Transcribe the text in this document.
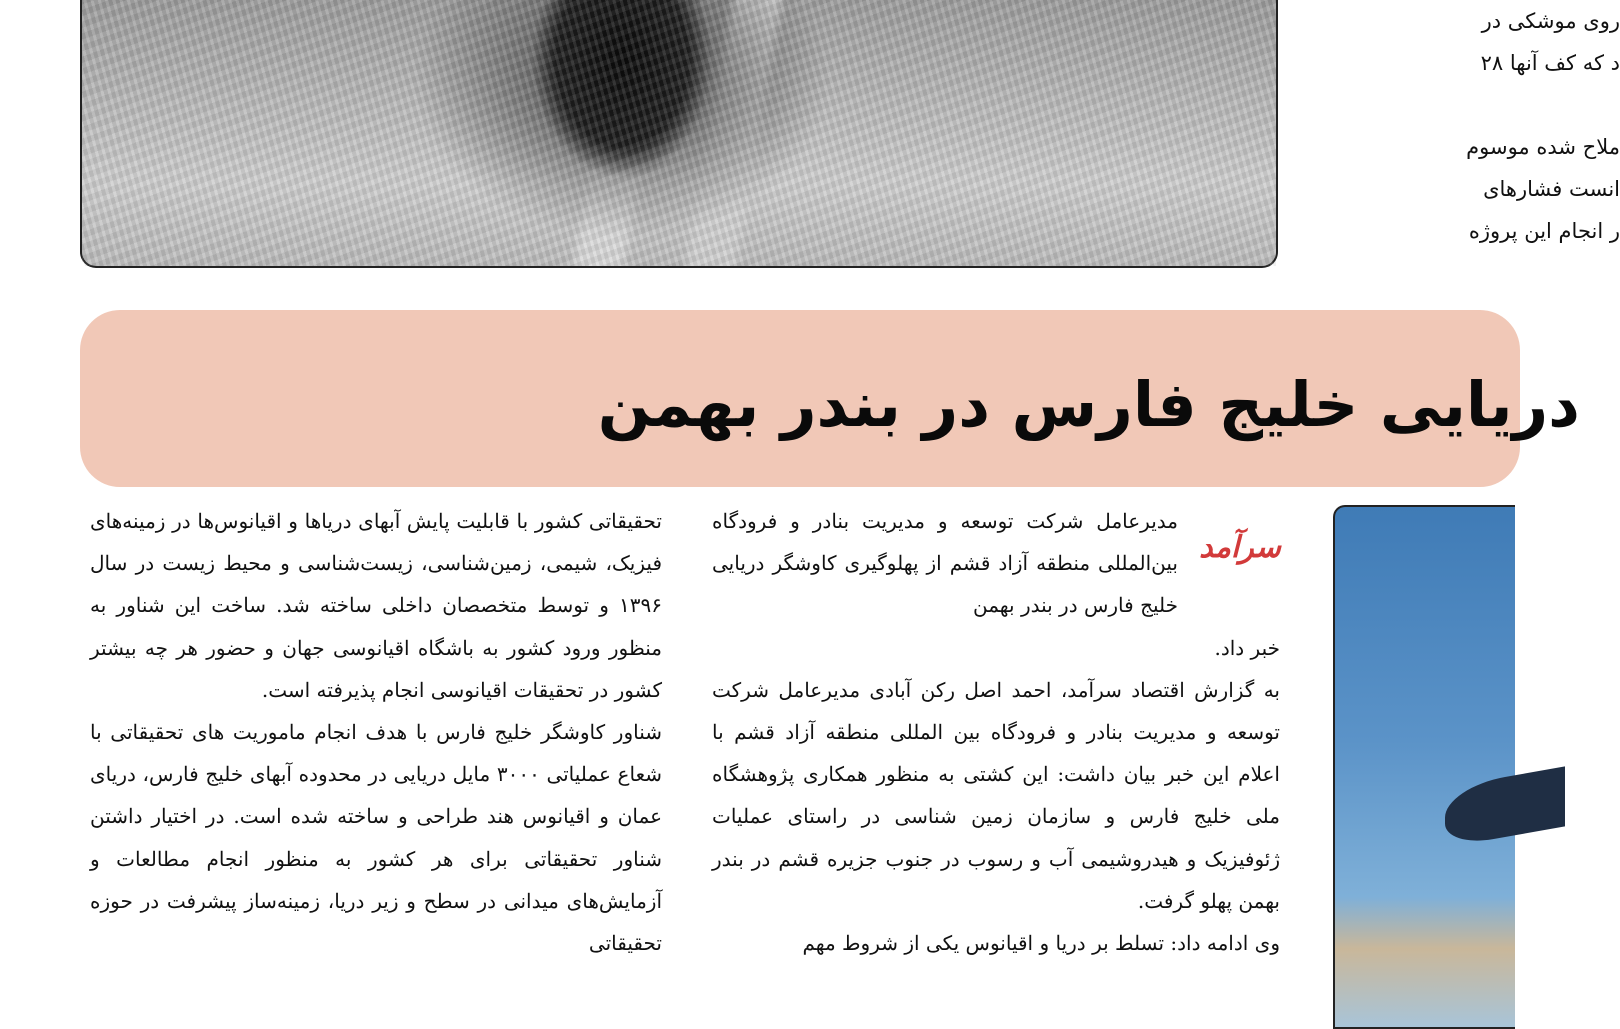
روی موشکی در

د که کف آنها ۲۸

ملاح شده موسوم

انست فشارهای

ر انجام این پروژه

دریایی خلیج فارس در بندر بهمن

تحقیقاتی کشور با قابلیت پایش آبهای دریاها و اقیانوس‌ها در زمینه‌های فیزیک، شیمی، زمین‌شناسی، زیست‌شناسی و محیط زیست در سال ۱۳۹۶ و توسط متخصصان داخلی ساخته شد. ساخت این شناور به منظور ورود کشور به باشگاه اقیانوسی جهان و حضور هر چه بیشتر کشور در تحقیقات اقیانوسی انجام پذیرفته است.

شناور کاوشگر خلیج فارس با هدف انجام ماموریت های تحقیقاتی با شعاع عملیاتی ۳۰۰۰ مایل دریایی در محدوده آبهای خلیج فارس، دریای عمان و اقیانوس هند طراحی و ساخته شده است. در اختیار داشتن شناور تحقیقاتی برای هر کشور به منظور انجام مطالعات و آزمایش‌های میدانی در سطح و زیر دریا، زمینه‌ساز پیشرفت در حوزه تحقیقاتی

سرآمد

مدیرعامل شرکت توسعه و مدیریت بنادر و فرودگاه بین‌المللی منطقه آزاد قشم از پهلوگیری کاوشگر دریایی خلیج فارس در بندر بهمن

خبر داد.

به گزارش اقتصاد سرآمد، احمد اصل رکن آبادی مدیرعامل شرکت توسعه و مدیریت بنادر و فرودگاه بین المللی منطقه آزاد قشم با اعلام این خبر بیان داشت: این کشتی به منظور همکاری پژوهشگاه ملی خلیج فارس و سازمان زمین شناسی در راستای عملیات ژئوفیزیک و هیدروشیمی آب و رسوب در جنوب جزیره قشم در بندر بهمن پهلو گرفت.

وی ادامه داد: تسلط بر دریا و اقیانوس یکی از شروط مهم
